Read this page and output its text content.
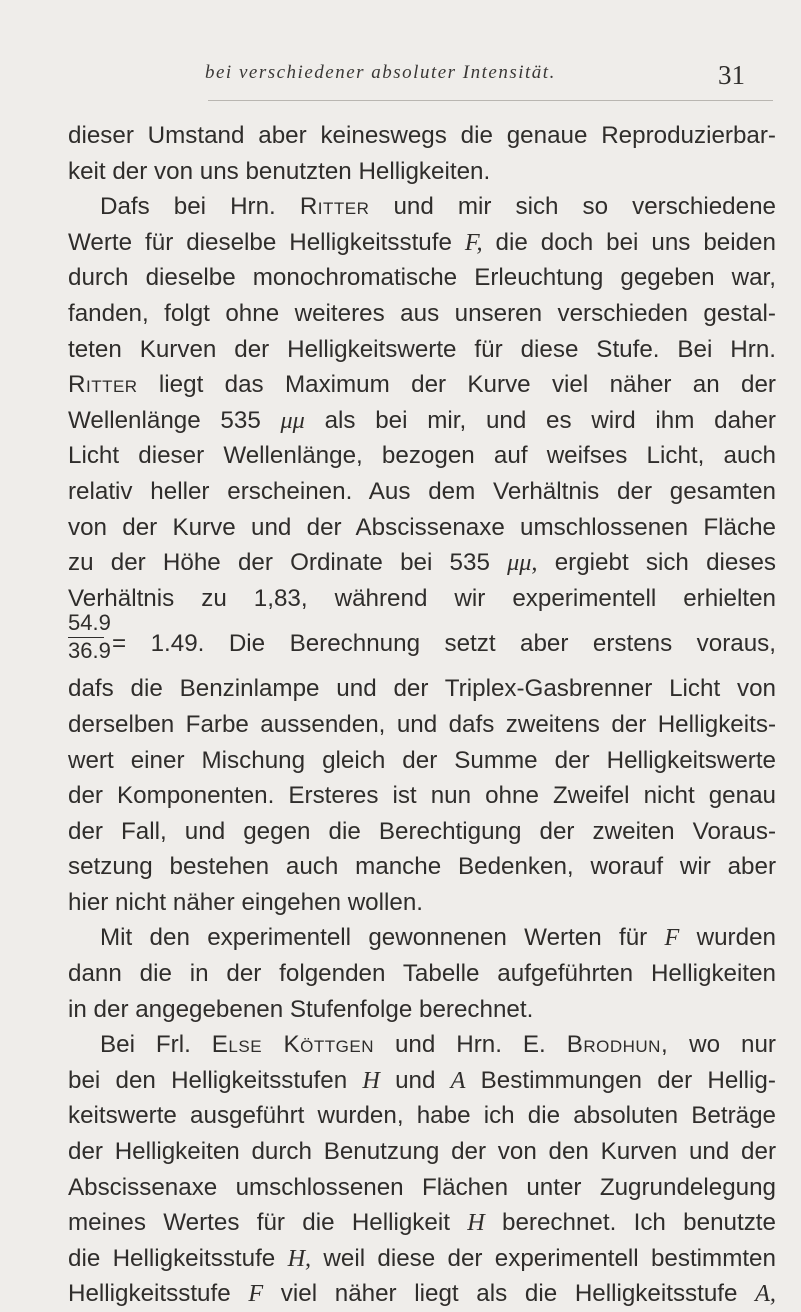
bei verschiedener absoluter Intensität.	31
dieser Umstand aber keineswegs die genaue Reproduzierbar-
keit der von uns benutzten Helligkeiten.
Dafs bei Hrn. Ritter und mir sich so verschiedene
Werte für dieselbe Helligkeitsstufe F, die doch bei uns beiden
durch dieselbe monochromatische Erleuchtung gegeben war,
fanden, folgt ohne weiteres aus unseren verschieden gestal-
teten Kurven der Helligkeitswerte für diese Stufe. Bei Hrn.
Ritter liegt das Maximum der Kurve viel näher an der
Wellenlänge 535 μμ als bei mir, und es wird ihm daher
Licht dieser Wellenlänge, bezogen auf weifses Licht, auch
relativ heller erscheinen. Aus dem Verhältnis der gesamten
von der Kurve und der Abscissenaxe umschlossenen Fläche
zu der Höhe der Ordinate bei 535 μμ, ergiebt sich dieses
Verhältnis zu 1,83, während wir experimentell erhielten
$\frac{54.9}{36.9} = 1.49$. Die Berechnung setzt aber erstens voraus,
dafs die Benzinlampe und der Triplex-Gasbrenner Licht von
derselben Farbe aussenden, und dafs zweitens der Helligkeits-
wert einer Mischung gleich der Summe der Helligkeitswerte
der Komponenten. Ersteres ist nun ohne Zweifel nicht genau
der Fall, und gegen die Berechtigung der zweiten Voraus-
setzung bestehen auch manche Bedenken, worauf wir aber
hier nicht näher eingehen wollen.
Mit den experimentell gewonnenen Werten für F wurden
dann die in der folgenden Tabelle aufgeführten Helligkeiten
in der angegebenen Stufenfolge berechnet.
Bei Frl. Else Köttgen und Hrn. E. Brodhun, wo nur
bei den Helligkeitsstufen H und A Bestimmungen der Hellig-
keitswerte ausgeführt wurden, habe ich die absoluten Beträge
der Helligkeiten durch Benutzung der von den Kurven und der
Abscissenaxe umschlossenen Flächen unter Zugrundelegung
meines Wertes für die Helligkeit H berechnet. Ich benutzte
die Helligkeitsstufe H, weil diese der experimentell bestimmten
Helligkeitsstufe F viel näher liegt als die Helligkeitsstufe A,
